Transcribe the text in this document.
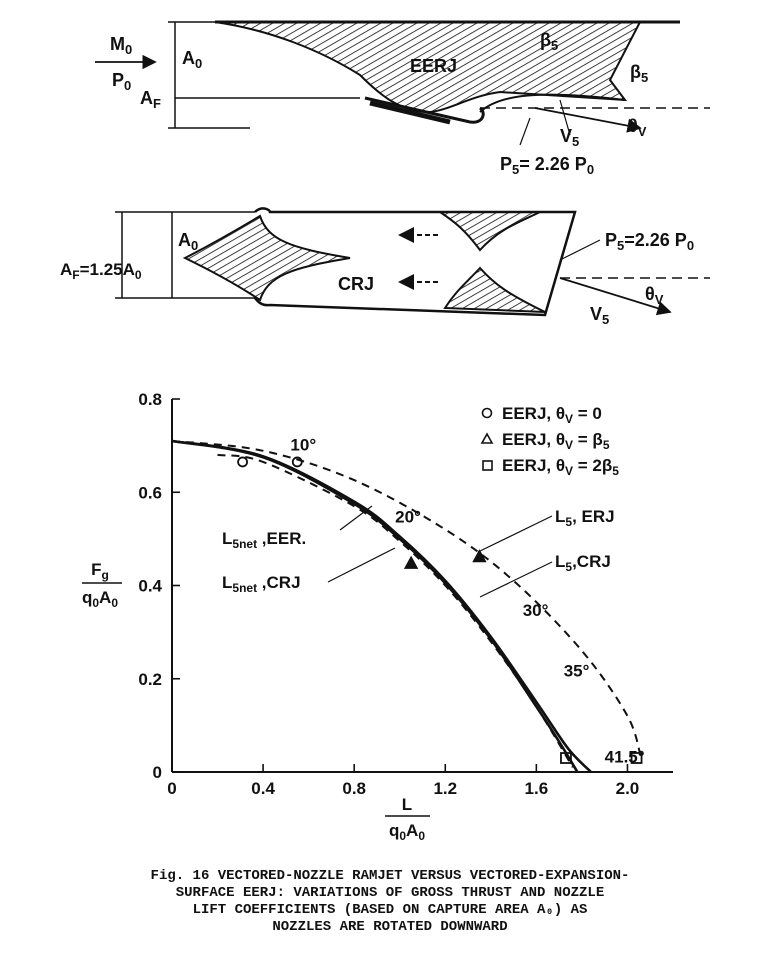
$M_0$
$P_0$
$A_0$
$A_F$
EERJ
$\beta_5$
$\beta_5$
$V_5$
$\theta_V$
$P_5= 2.26$ $P_0$
$A_0$
$A_F=1.25A_0$	CRJ
$P_5=2.26$ $P_0$
$V_5$
$\theta_V$
0	0.4	0.8	1.2	1.6	2.0
0
0.2
0.4
0.6
0.8
10°
20°
30°
35°
41.5°
$L_5$, ERJ
$L_5,CRJ$
$L_{5net}$ ,EER.
$L_{5net}$ ,CRJ
$F_g$
$q_0A_0$
L
$q_0A_0$
EERJ, $\theta_V = 0$
EERJ, $\theta_V = \beta_5$
EERJ, $\theta_V = 2\beta_5$
Fig. 16 VECTORED-NOZZLE RAMJET VERSUS VECTORED-EXPANSION-
SURFACE EERJ: VARIATIONS OF GROSS THRUST AND NOZZLE
LIFT COEFFICIENTS (BASED ON CAPTURE AREA A₀) AS
NOZZLES ARE ROTATED DOWNWARD
